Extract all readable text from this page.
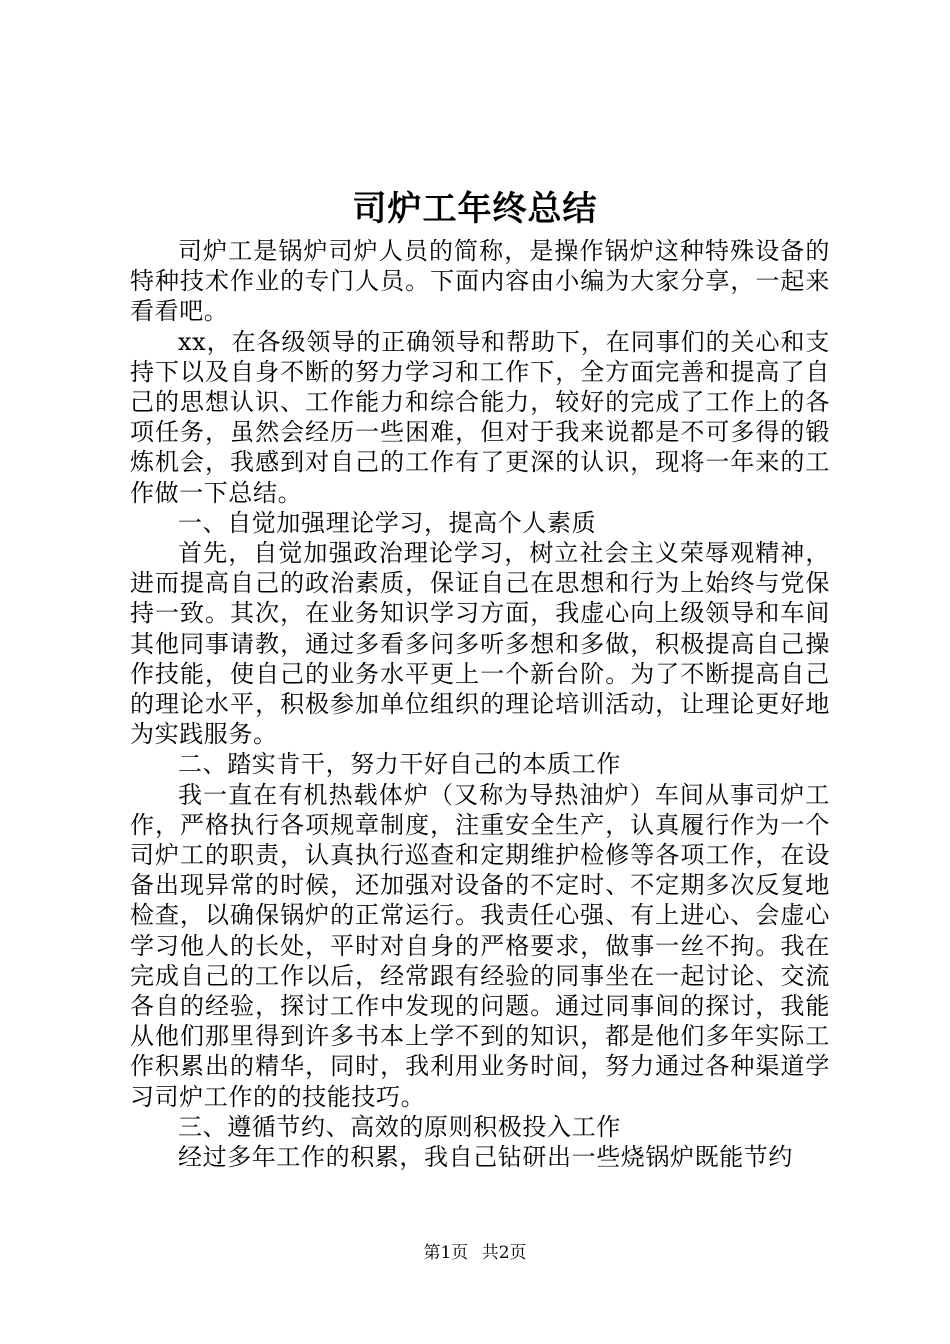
司炉工年终总结

司炉工是锅炉司炉人员的简称，是操作锅炉这种特殊设备的特种技术作业的专门人员。下面内容由小编为大家分享，一起来看看吧。

xx，在各级领导的正确领导和帮助下，在同事们的关心和支持下以及自身不断的努力学习和工作下，全方面完善和提高了自己的思想认识、工作能力和综合能力，较好的完成了工作上的各项任务，虽然会经历一些困难，但对于我来说都是不可多得的锻炼机会，我感到对自己的工作有了更深的认识，现将一年来的工作做一下总结。

一、自觉加强理论学习，提高个人素质

首先，自觉加强政治理论学习，树立社会主义荣辱观精神，进而提高自己的政治素质，保证自己在思想和行为上始终与党保持一致。其次，在业务知识学习方面，我虚心向上级领导和车间其他同事请教，通过多看多问多听多想和多做，积极提高自己操作技能，使自己的业务水平更上一个新台阶。为了不断提高自己的理论水平，积极参加单位组织的理论培训活动，让理论更好地为实践服务。

二、踏实肯干，努力干好自己的本质工作

我一直在有机热载体炉（又称为导热油炉）车间从事司炉工作，严格执行各项规章制度，注重安全生产，认真履行作为一个司炉工的职责，认真执行巡查和定期维护检修等各项工作，在设备出现异常的时候，还加强对设备的不定时、不定期多次反复地检查，以确保锅炉的正常运行。我责任心强、有上进心、会虚心学习他人的长处，平时对自身的严格要求，做事一丝不拘。我在完成自己的工作以后，经常跟有经验的同事坐在一起讨论、交流各自的经验，探讨工作中发现的问题。通过同事间的探讨，我能从他们那里得到许多书本上学不到的知识，都是他们多年实际工作积累出的精华，同时，我利用业务时间，努力通过各种渠道学习司炉工作的的技能技巧。

三、遵循节约、高效的原则积极投入工作

经过多年工作的积累，我自己钻研出一些烧锅炉既能节约

第1页 共2页
